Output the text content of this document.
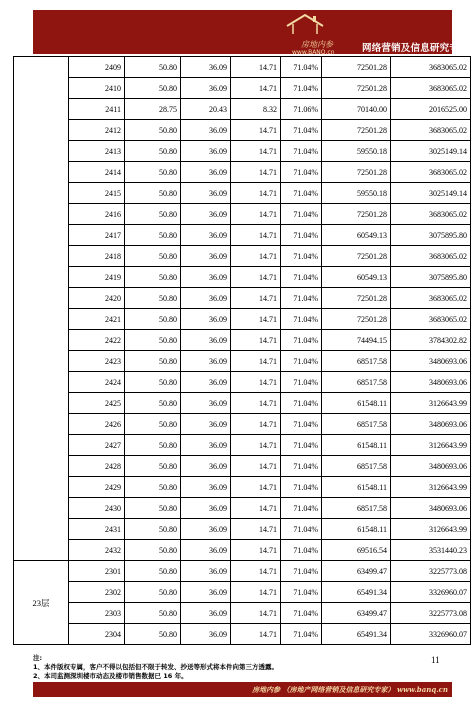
房地内参
www.BANQ.cn	网络营销及信息研究专家
	2409	50.80	36.09	14.71	71.04%	72501.28	3683065.02
	2410	50.80	36.09	14.71	71.04%	72501.28	3683065.02
	2411	28.75	20.43	8.32	71.06%	70140.00	2016525.00
	2412	50.80	36.09	14.71	71.04%	72501.28	3683065.02
	2413	50.80	36.09	14.71	71.04%	59550.18	3025149.14
	2414	50.80	36.09	14.71	71.04%	72501.28	3683065.02
	2415	50.80	36.09	14.71	71.04%	59550.18	3025149.14
	2416	50.80	36.09	14.71	71.04%	72501.28	3683065.02
	2417	50.80	36.09	14.71	71.04%	60549.13	3075895.80
	2418	50.80	36.09	14.71	71.04%	72501.28	3683065.02
	2419	50.80	36.09	14.71	71.04%	60549.13	3075895.80
	2420	50.80	36.09	14.71	71.04%	72501.28	3683065.02
	2421	50.80	36.09	14.71	71.04%	72501.28	3683065.02
	2422	50.80	36.09	14.71	71.04%	74494.15	3784302.82
	2423	50.80	36.09	14.71	71.04%	68517.58	3480693.06
	2424	50.80	36.09	14.71	71.04%	68517.58	3480693.06
	2425	50.80	36.09	14.71	71.04%	61548.11	3126643.99
	2426	50.80	36.09	14.71	71.04%	68517.58	3480693.06
	2427	50.80	36.09	14.71	71.04%	61548.11	3126643.99
	2428	50.80	36.09	14.71	71.04%	68517.58	3480693.06
	2429	50.80	36.09	14.71	71.04%	61548.11	3126643.99
	2430	50.80	36.09	14.71	71.04%	68517.58	3480693.06
	2431	50.80	36.09	14.71	71.04%	61548.11	3126643.99
	2432	50.80	36.09	14.71	71.04%	69516.54	3531440.23
23层	2301	50.80	36.09	14.71	71.04%	63499.47	3225773.08
	2302	50.80	36.09	14.71	71.04%	65491.34	3326960.07
	2303	50.80	36.09	14.71	71.04%	63499.47	3225773.08
	2304	50.80	36.09	14.71	71.04%	65491.34	3326960.07
注:
1、本件版权专属，客户不得以包括但不限于转发、抄送等形式将本件向第三方透露。
2、本司监测深圳楼市动态及楼市销售数据已 16 年。
11
房地内参 （房地产网络营销及信息研究专家） www.banq.cn
